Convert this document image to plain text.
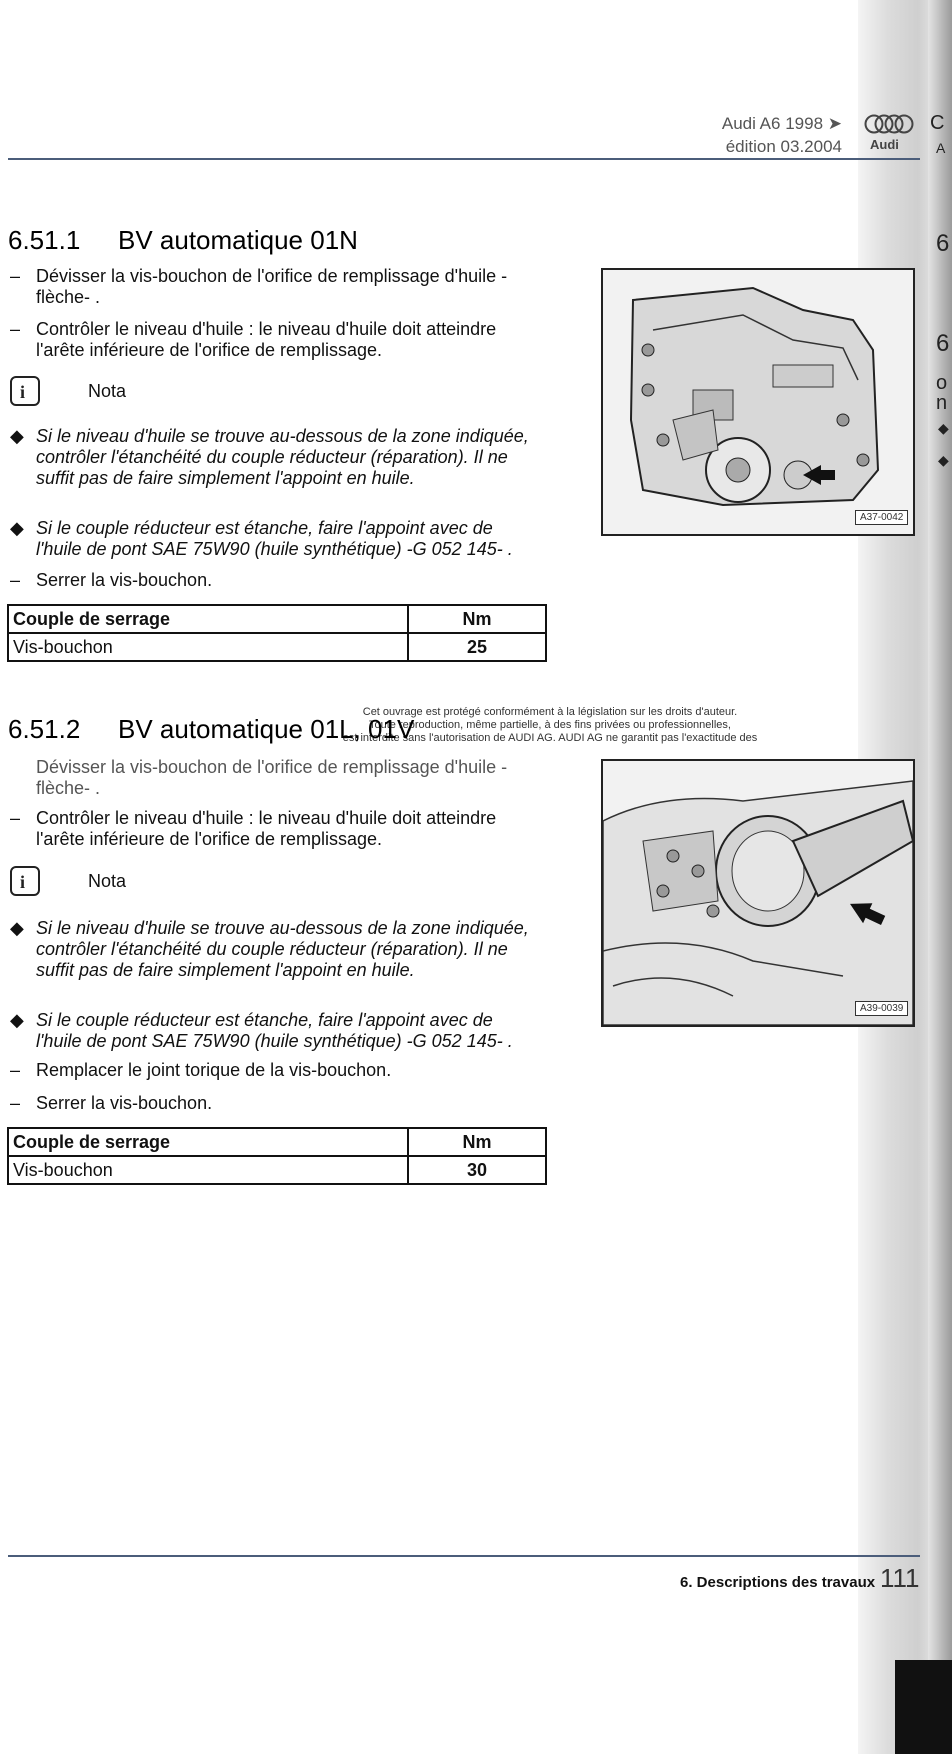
C
A
6
6
o
n
◆
◆
Audi A6 1998 ➤
édition 03.2004 Audi
6.51.1 BV automatique 01N
– Dévisser la vis-bouchon de l'orifice de remplissage d'huile -flèche- .
– Contrôler le niveau d'huile : le niveau d'huile doit atteindre l'arête inférieure de l'orifice de remplissage.
i	Nota
◆ Si le niveau d'huile se trouve au-dessous de la zone indiquée, contrôler l'étanchéité du couple réducteur (réparation). Il ne suffit pas de faire simplement l'appoint en huile.
◆ Si le couple réducteur est étanche, faire l'appoint avec de l'huile de pont SAE 75W90 (huile synthétique) -G 052 145- .
– Serrer la vis-bouchon.
Couple de serrage	Nm
Vis-bouchon	25
A37-0042
Cet ouvrage est protégé conformément à la législation sur les droits d'auteur.
Toute reproduction, même partielle, à des fins privées ou professionnelles,
est interdite sans l'autorisation de AUDI AG. AUDI AG ne garantit pas l'exactitude des
6.51.2 BV automatique 01L, 01V
Dévisser la vis-bouchon de l'orifice de remplissage d'huile -flèche- .
– Contrôler le niveau d'huile : le niveau d'huile doit atteindre l'arête inférieure de l'orifice de remplissage.
i	Nota
◆ Si le niveau d'huile se trouve au-dessous de la zone indiquée, contrôler l'étanchéité du couple réducteur (réparation). Il ne suffit pas de faire simplement l'appoint en huile.
◆ Si le couple réducteur est étanche, faire l'appoint avec de l'huile de pont SAE 75W90 (huile synthétique) -G 052 145- .
– Remplacer le joint torique de la vis-bouchon.
– Serrer la vis-bouchon.
Couple de serrage	Nm
Vis-bouchon	30
A39-0039
6. Descriptions des travaux 111
